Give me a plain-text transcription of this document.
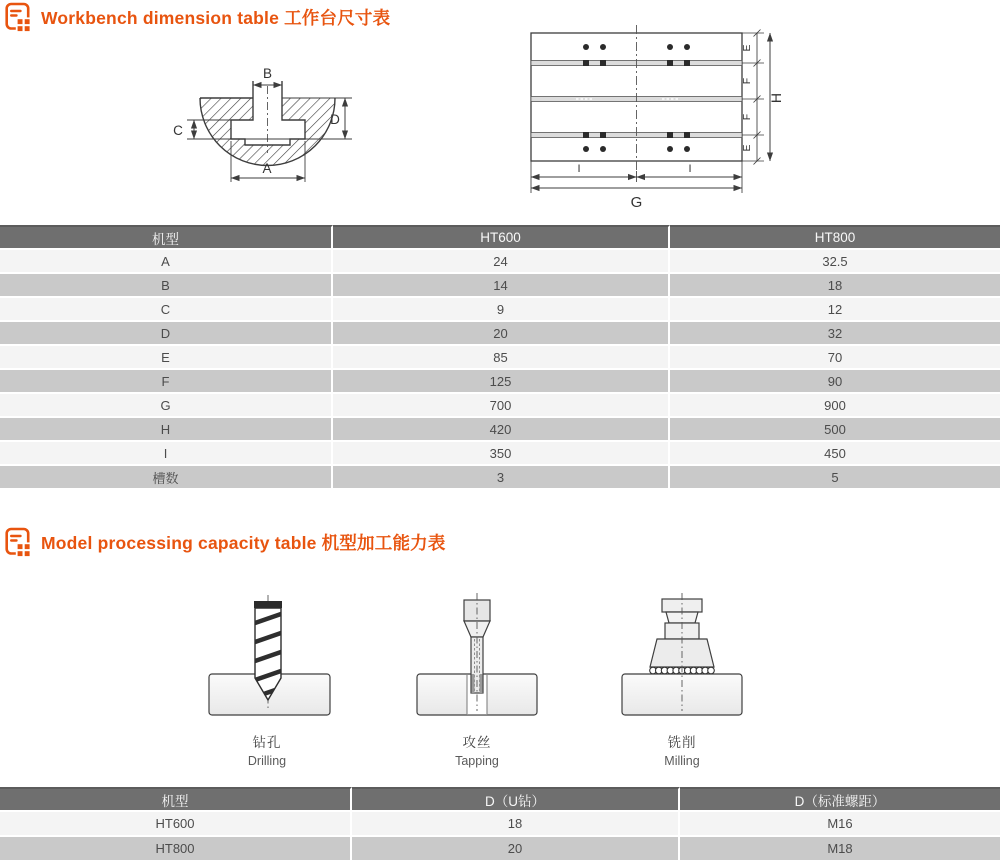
Workbench dimension table 工作台尺寸表
B
A
C
D
E
F
F
E
H
I	I
G
机型	HT600	HT800
A	24	32.5
B	14	18
C	9	12
D	20	32
E	85	70
F	125	90
G	700	900
H	420	500
I	350	450
槽数	3	5
Model processing capacity table 机型加工能力表
钻孔
Drilling
攻丝
Tapping
铣削
Milling
机型	D（U钻）	D（标准螺距）
HT600	18	M16
HT800	20	M18
